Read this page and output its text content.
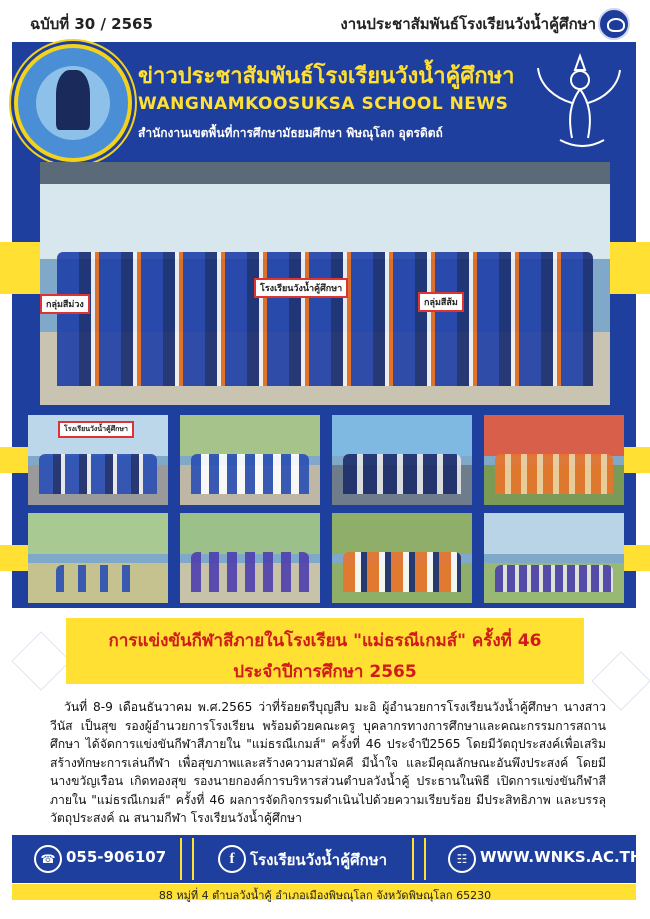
ฉบับที่ 30 / 2565	งานประชาสัมพันธ์โรงเรียนวังน้ำคู้ศึกษา
ข่าวประชาสัมพันธ์โรงเรียนวังน้ำคู้ศึกษา
WANGNAMKOOSUKSA SCHOOL NEWS
สำนักงานเขตพื้นที่การศึกษามัธยมศึกษา พิษณุโลก อุตรดิตถ์
โรงเรียนวังน้ำคู้ศึกษา
กลุ่มสีม่วง	กลุ่มสีส้ม
โรงเรียนวังน้ำคู้ศึกษา
การแข่งขันกีฬาสีภายในโรงเรียน "แม่ธรณีเกมส์" ครั้งที่ 46
ประจำปีการศึกษา 2565
วันที่ 8-9 เดือนธันวาคม พ.ศ.2565 ว่าที่ร้อยตรีบุญสืบ มะอิ ผู้อำนวยการโรงเรียนวังน้ำคู้ศึกษา นางสาววีนัส เป็นสุข รองผู้อำนวยการโรงเรียน พร้อมด้วยคณะครู บุคลากรทางการศึกษาและคณะกรรมการสถานศึกษา ได้จัดการแข่งขันกีฬาสีภายใน "แม่ธรณีเกมส์" ครั้งที่ 46 ประจำปี2565 โดยมีวัตถุประสงค์เพื่อเสริมสร้างทักษะการเล่นกีฬา เพื่อสุขภาพและสร้างความสามัคคี มีน้ำใจ และมีคุณลักษณะอันพึงประสงค์ โดยมี นางขวัญเรือน เกิดทองสุข รองนายกองค์การบริหารส่วนตำบลวังน้ำคู้ ประธานในพิธี เปิดการแข่งขันกีฬาสีภายใน "แม่ธรณีเกมส์" ครั้งที่ 46 ผลการจัดกิจกรรมดำเนินไปด้วยความเรียบร้อย มีประสิทธิภาพ และบรรลุวัตถุประสงค์ ณ สนามกีฬา โรงเรียนวังน้ำคู้ศึกษา
☎ 055-906107	f	โรงเรียนวังน้ำคู้ศึกษา	☷ WWW.WNKS.AC.TH
88 หมู่ที่ 4 ตำบลวังน้ำคู้ อำเภอเมืองพิษณุโลก จังหวัดพิษณุโลก 65230
